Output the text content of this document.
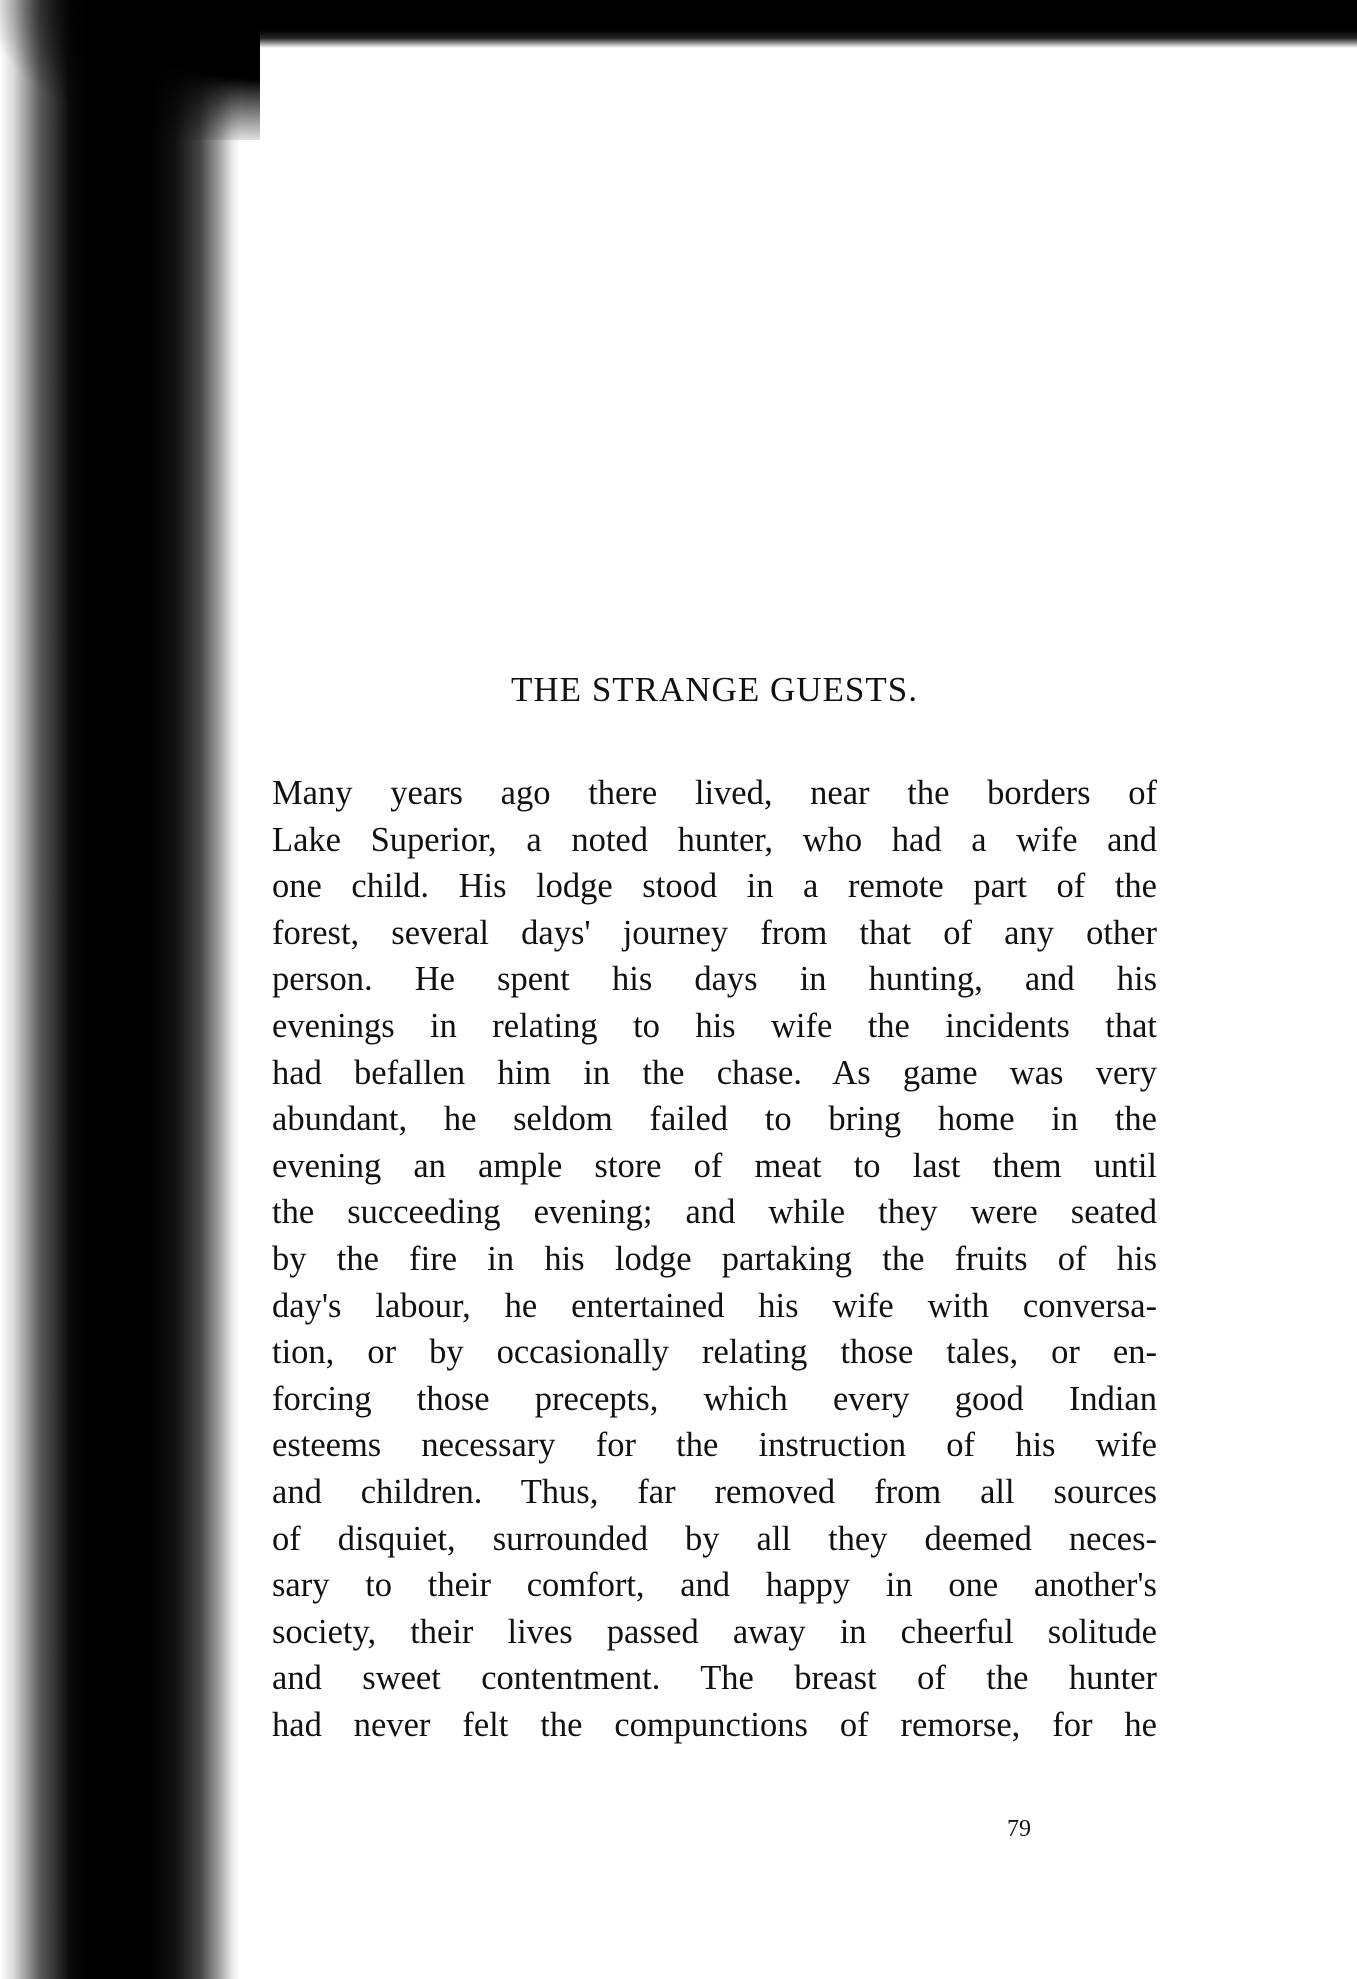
THE STRANGE GUESTS.
Many years ago there lived, near the borders of
Lake Superior, a noted hunter, who had a wife and
one child. His lodge stood in a remote part of the
forest, several days' journey from that of any other
person. He spent his days in hunting, and his
evenings in relating to his wife the incidents that
had befallen him in the chase. As game was very
abundant, he seldom failed to bring home in the
evening an ample store of meat to last them until
the succeeding evening; and while they were seated
by the fire in his lodge partaking the fruits of his
day's labour, he entertained his wife with conversa-
tion, or by occasionally relating those tales, or en-
forcing those precepts, which every good Indian
esteems necessary for the instruction of his wife
and children. Thus, far removed from all sources
of disquiet, surrounded by all they deemed neces-
sary to their comfort, and happy in one another's
society, their lives passed away in cheerful solitude
and sweet contentment. The breast of the hunter
had never felt the compunctions of remorse, for he
79
